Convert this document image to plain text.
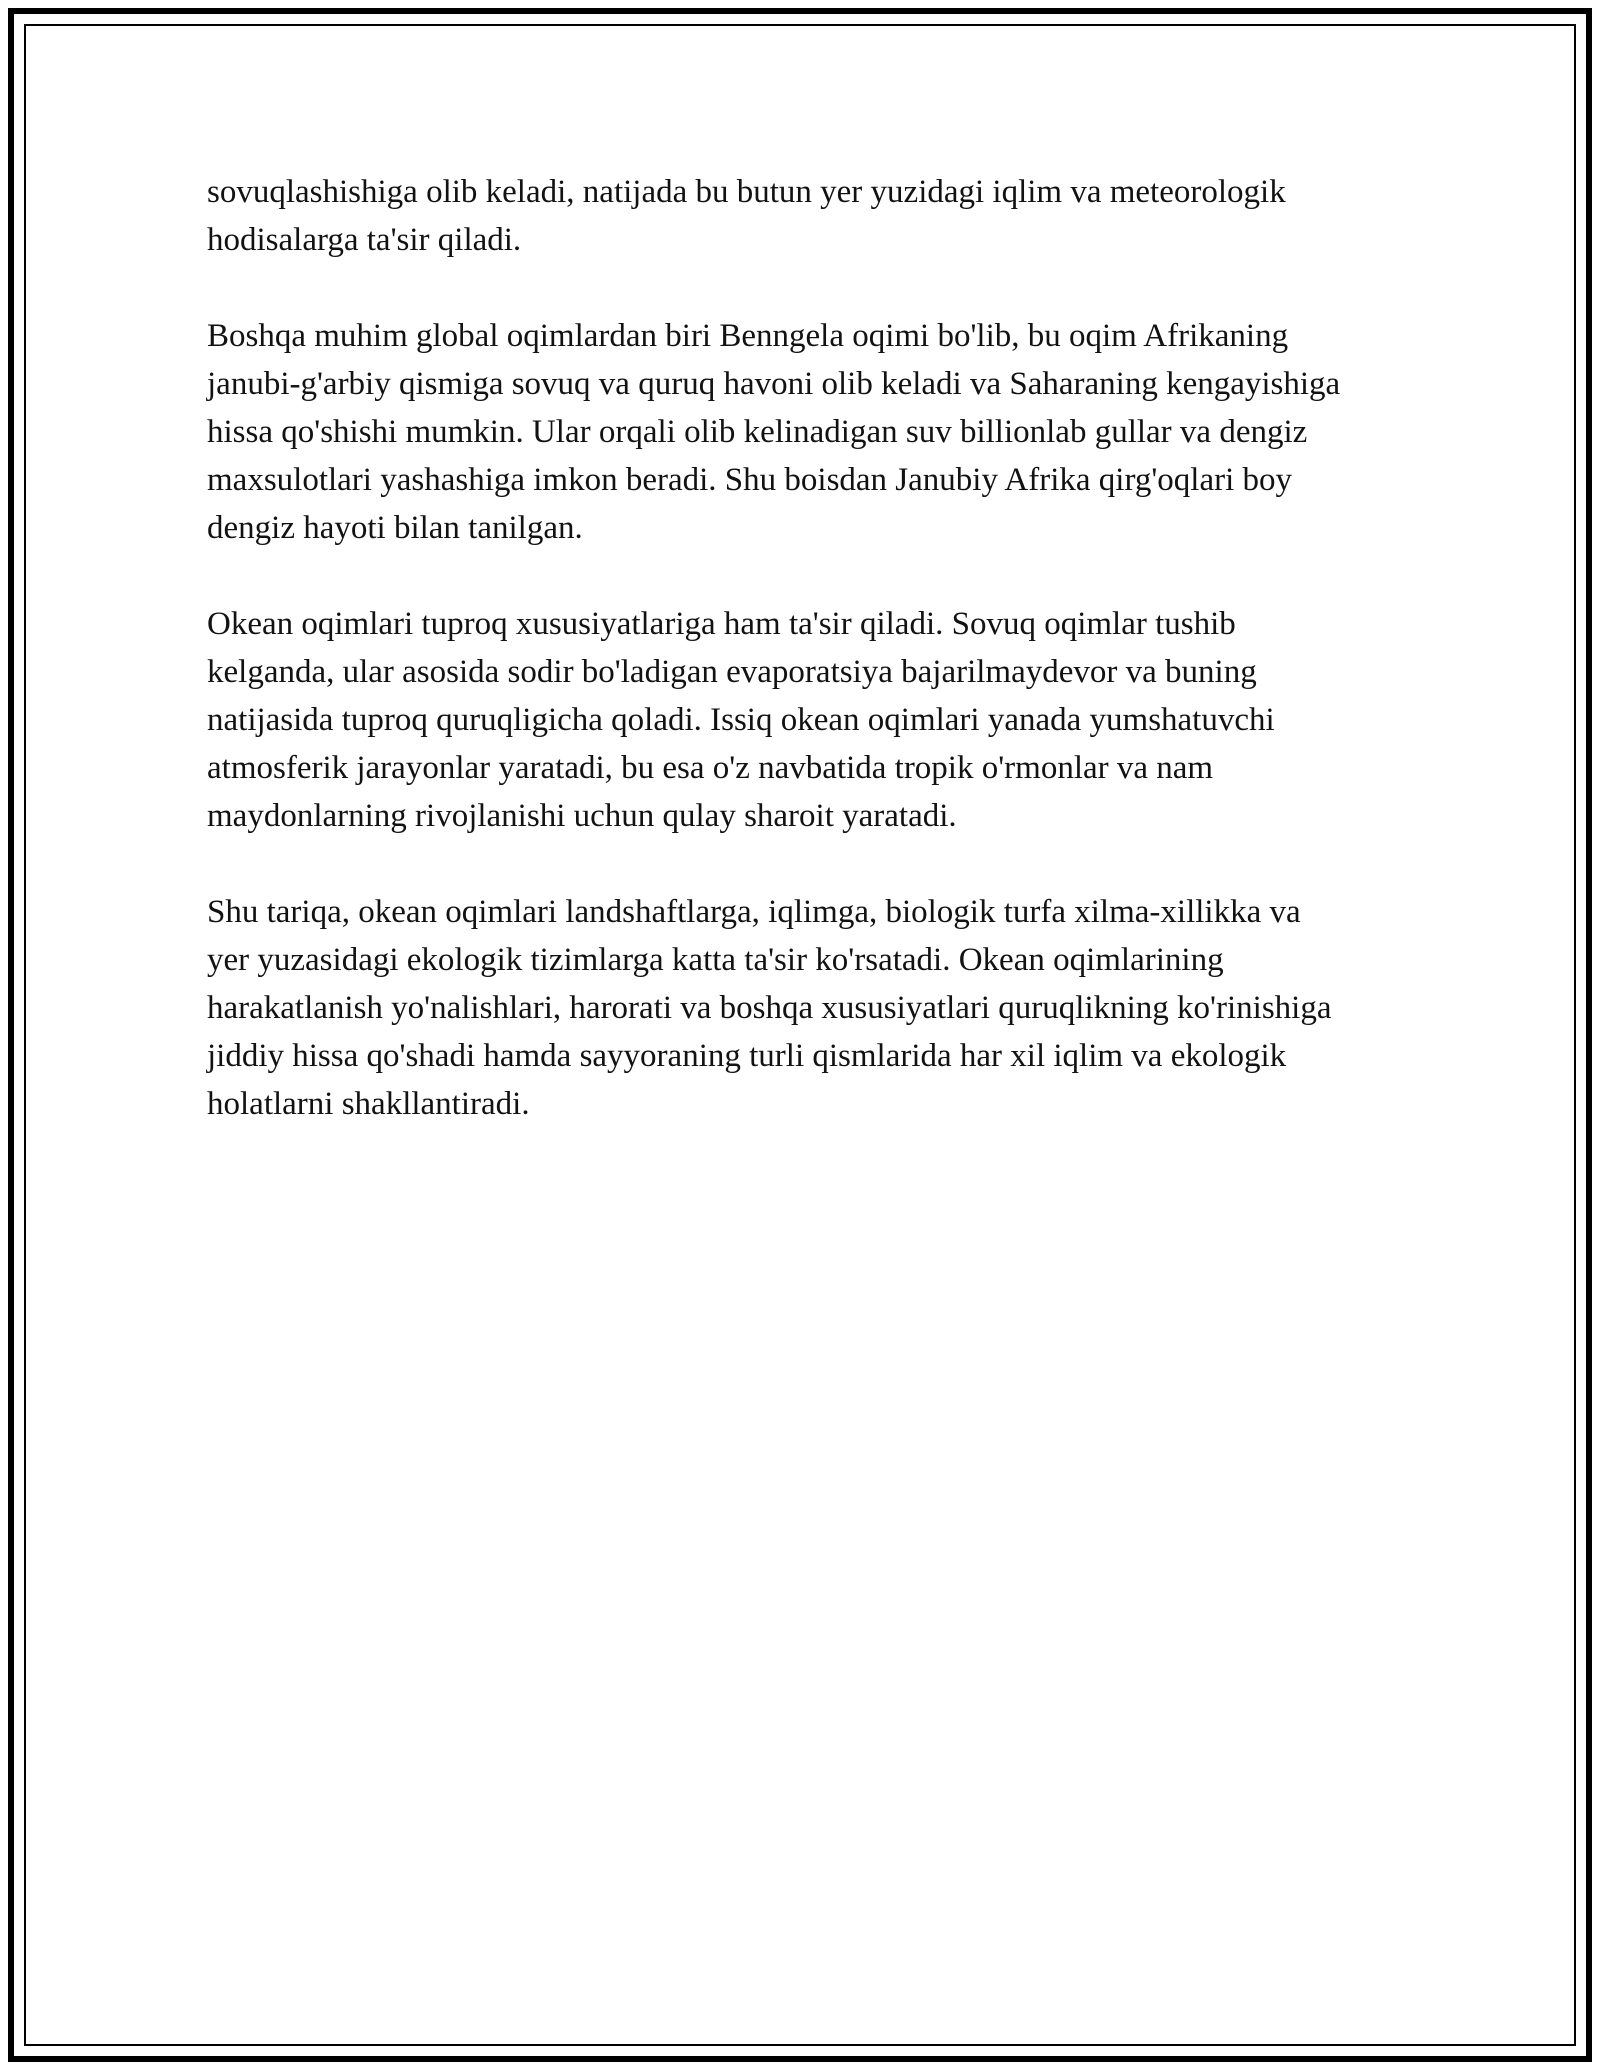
sovuqlashishiga olib keladi, natijada bu butun yer yuzidagi iqlim va meteorologik hodisalarga ta'sir qiladi.

Boshqa muhim global oqimlardan biri Benngela oqimi bo'lib, bu oqim Afrikaning janubi-g'arbiy qismiga sovuq va quruq havoni olib keladi va Saharaning kengayishiga hissa qo'shishi mumkin. Ular orqali olib kelinadigan suv billionlab gullar va dengiz maxsulotlari yashashiga imkon beradi. Shu boisdan Janubiy Afrika qirg'oqlari boy dengiz hayoti bilan tanilgan.

Okean oqimlari tuproq xususiyatlariga ham ta'sir qiladi. Sovuq oqimlar tushib kelganda, ular asosida sodir bo'ladigan evaporatsiya bajarilmaydevor va buning natijasida tuproq quruqligicha qoladi. Issiq okean oqimlari yanada yumshatuvchi atmosferik jarayonlar yaratadi, bu esa o'z navbatida tropik o'rmonlar va nam maydonlarning rivojlanishi uchun qulay sharoit yaratadi.

Shu tariqa, okean oqimlari landshaftlarga, iqlimga, biologik turfa xilma-xillikka va yer yuzasidagi ekologik tizimlarga katta ta'sir ko'rsatadi. Okean oqimlarining harakatlanish yo'nalishlari, harorati va boshqa xususiyatlari quruqlikning ko'rinishiga jiddiy hissa qo'shadi hamda sayyoraning turli qismlarida har xil iqlim va ekologik holatlarni shakllantiradi.
